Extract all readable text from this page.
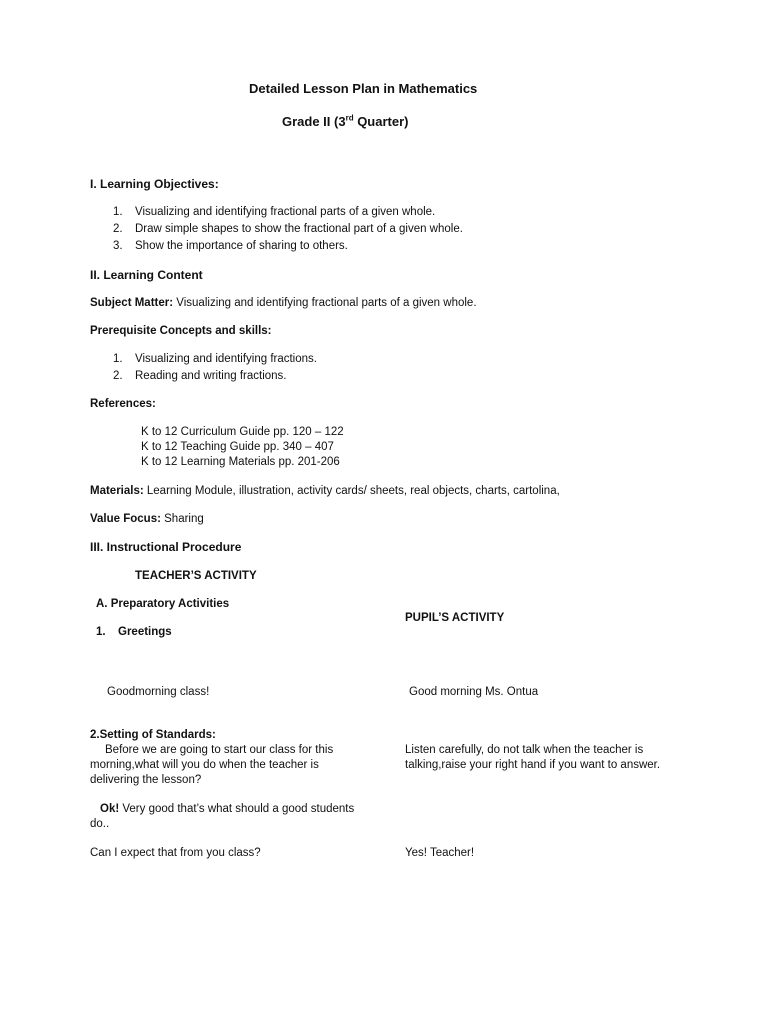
Detailed Lesson Plan in Mathematics
Grade II (3rd Quarter)
I. Learning Objectives:
1. Visualizing and identifying fractional parts of a given whole.
2. Draw simple shapes to show the fractional part of a given whole.
3. Show the importance of sharing to others.
II. Learning Content
Subject Matter: Visualizing and identifying fractional parts of a given whole.
Prerequisite Concepts and skills:
1. Visualizing and identifying fractions.
2. Reading and writing fractions.
References:
K to 12 Curriculum Guide pp. 120 – 122
K to 12 Teaching Guide pp. 340 – 407
K to 12 Learning Materials pp. 201-206
Materials: Learning Module, illustration, activity cards/ sheets, real objects, charts, cartolina,
Value Focus: Sharing
III. Instructional Procedure
TEACHER’S ACTIVITY
A. Preparatory Activities
PUPIL’S ACTIVITY
1. Greetings
Goodmorning class!	Good morning Ms. Ontua
2.Setting of Standards:
Before we are going to start our class for this morning,what will you do when the teacher is delivering the lesson?
Listen carefully, do not talk when the teacher is talking,raise your right hand if you want to answer.
Ok! Very good that’s what should a good students do..
Can I expect that from you class?	Yes! Teacher!
